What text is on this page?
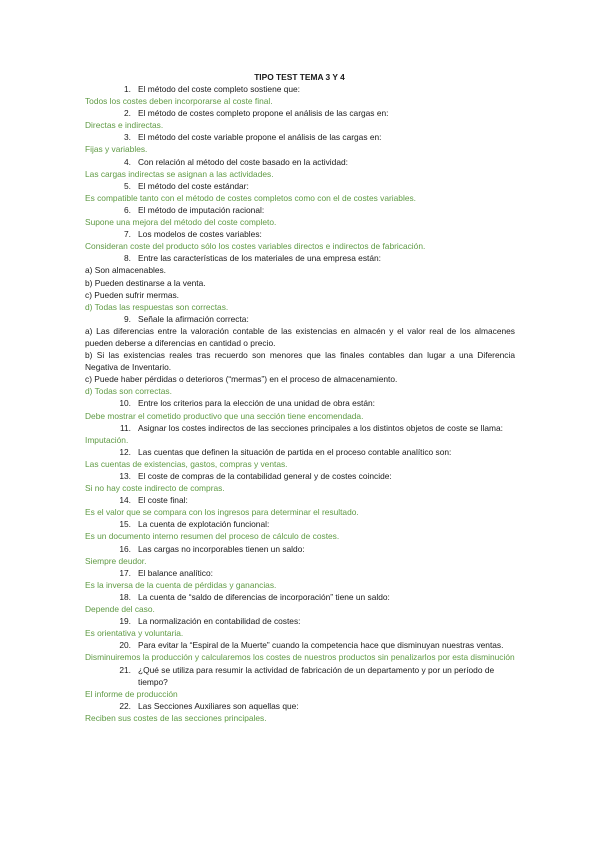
TIPO TEST TEMA 3 Y 4
1. El método del coste completo sostiene que:
Todos los costes deben incorporarse al coste final.
2. El método de costes completo propone el análisis de las cargas en:
Directas e indirectas.
3. El método del coste variable propone el análisis de las cargas en:
Fijas y variables.
4. Con relación al método del coste basado en la actividad:
Las cargas indirectas se asignan a las actividades.
5. El método del coste estándar:
Es compatible tanto con el método de costes completos como con el de costes variables.
6. El método de imputación racional:
Supone una mejora del método del coste completo.
7. Los modelos de costes variables:
Consideran coste del producto sólo los costes variables directos e indirectos de fabricación.
8. Entre las características de los materiales de una empresa están:
a) Son almacenables.
b) Pueden destinarse a la venta.
c) Pueden sufrir mermas.
d) Todas las respuestas son correctas.
9. Señale la afirmación correcta:
a) Las diferencias entre la valoración contable de las existencias en almacén y el valor real de los almacenes pueden deberse a diferencias en cantidad o precio.
b) Si las existencias reales tras recuerdo son menores que las finales contables dan lugar a una Diferencia Negativa de Inventario.
c) Puede haber pérdidas o deterioros (“mermas”) en el proceso de almacenamiento.
d) Todas son correctas.
10. Entre los criterios para la elección de una unidad de obra están:
Debe mostrar el cometido productivo que una sección tiene encomendada.
11. Asignar los costes indirectos de las secciones principales a los distintos objetos de coste se llama:
Imputación.
12. Las cuentas que definen la situación de partida en el proceso contable analítico son:
Las cuentas de existencias, gastos, compras y ventas.
13. El coste de compras de la contabilidad general y de costes coincide:
Si no hay coste indirecto de compras.
14. El coste final:
Es el valor que se compara con los ingresos para determinar el resultado.
15. La cuenta de explotación funcional:
Es un documento interno resumen del proceso de cálculo de costes.
16. Las cargas no incorporables tienen un saldo:
Siempre deudor.
17. El balance analítico:
Es la inversa de la cuenta de pérdidas y ganancias.
18. La cuenta de “saldo de diferencias de incorporación” tiene un saldo:
Depende del caso.
19. La normalización en contabilidad de costes:
Es orientativa y voluntaria.
20. Para evitar la “Espiral de la Muerte” cuando la competencia hace que disminuyan nuestras ventas.
Disminuiremos la producción y calcularemos los costes de nuestros productos sin penalizarlos por esta disminución
21. ¿Qué se utiliza para resumir la actividad de fabricación de un departamento y por un período de tiempo?
El informe de producción
22. Las Secciones Auxiliares son aquellas que:
Reciben sus costes de las secciones principales.
